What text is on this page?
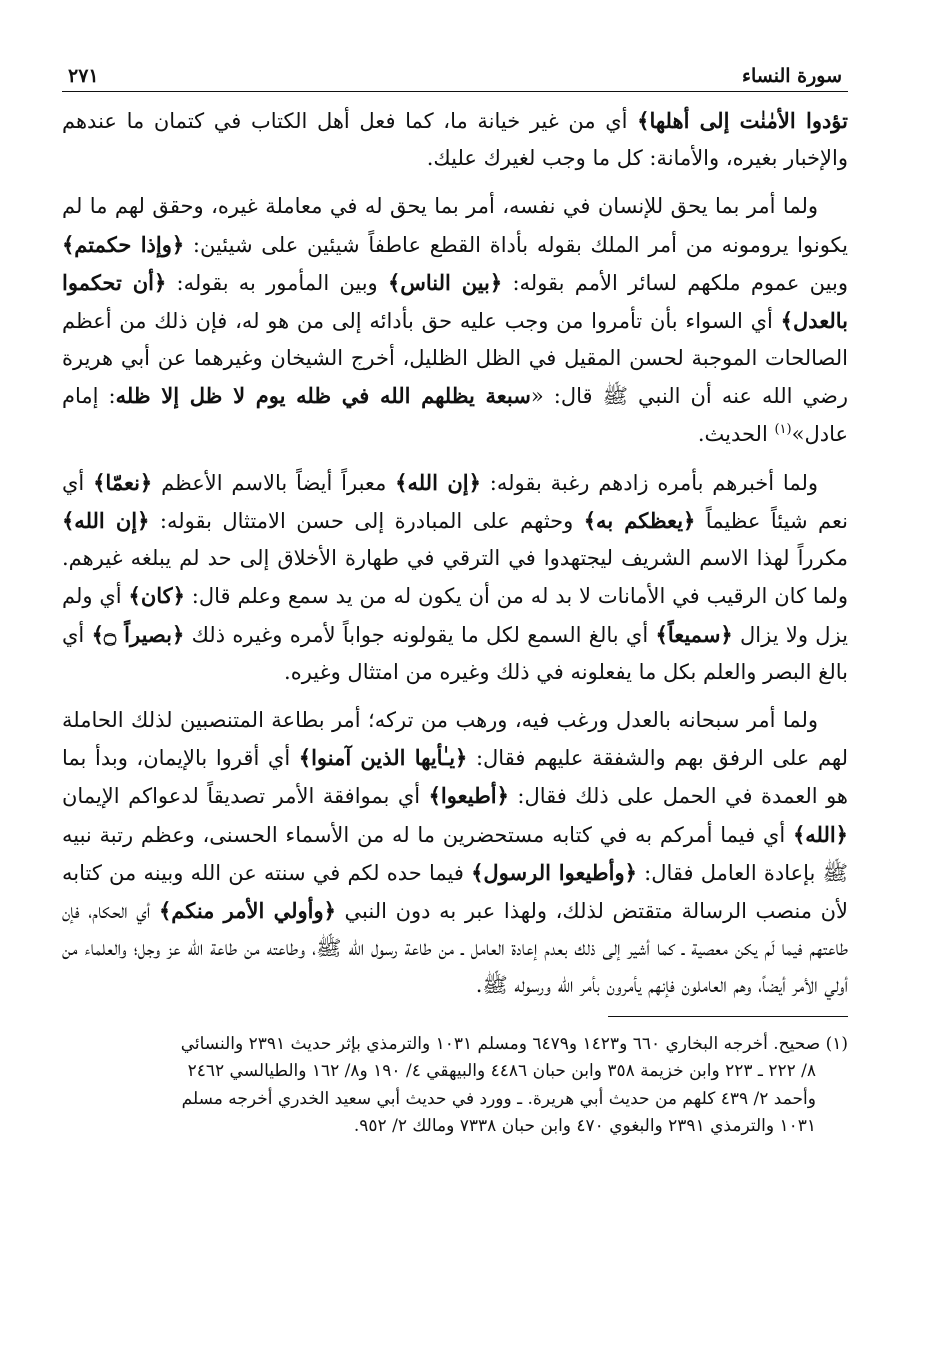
سورة النساء
٢٧١

تؤدوا الأمٰنٰت إلى أهلها﴾ أي من غير خيانة ما، كما فعل أهل الكتاب في كتمان ما عندهم والإخبار بغيره، والأمانة: كل ما وجب لغيرك عليك.

ولما أمر بما يحق للإنسان في نفسه، أمر بما يحق له في معاملة غيره، وحقق لهم ما لم يكونوا يرومونه من أمر الملك بقوله بأداة القطع عاطفاً شيئين على شيئين: ﴿وإذا حكمتم﴾ وبين عموم ملكهم لسائر الأمم بقوله: ﴿بين الناس﴾ وبين المأمور به بقوله: ﴿أن تحكموا بالعدل﴾ أي السواء بأن تأمروا من وجب عليه حق بأدائه إلى من هو له، فإن ذلك من أعظم الصالحات الموجبة لحسن المقيل في الظل الظليل، أخرج الشيخان وغيرهما عن أبي هريرة رضي الله عنه أن النبي ﷺ قال: «سبعة يظلهم الله في ظله يوم لا ظل إلا ظله: إمام عادل»$^{(١)}$ الحديث.

ولما أخبرهم بأمره زادهم رغبة بقوله: ﴿إن الله﴾ معبراً أيضاً بالاسم الأعظم ﴿نعمّا﴾ أي نعم شيئاً عظيماً ﴿يعظكم به﴾ وحثهم على المبادرة إلى حسن الامتثال بقوله: ﴿إن الله﴾ مكرراً لهذا الاسم الشريف ليجتهدوا في الترقي في طهارة الأخلاق إلى حد لم يبلغه غيرهم. ولما كان الرقيب في الأمانات لا بد له من أن يكون له من يد سمع وعلم قال: ﴿كان﴾ أي ولم يزل ولا يزال ﴿سميعاً﴾ أي بالغ السمع لكل ما يقولونه جواباً لأمره وغيره ذلك ﴿بصيراً ۝﴾ أي بالغ البصر والعلم بكل ما يفعلونه في ذلك وغيره من امتثال وغيره.

ولما أمر سبحانه بالعدل ورغب فيه، ورهب من تركه؛ أمر بطاعة المتنصبين لذلك الحاملة لهم على الرفق بهم والشفقة عليهم فقال: ﴿يـٰأيها الذين آمنوا﴾ أي أقروا بالإيمان، وبدأ بما هو العمدة في الحمل على ذلك فقال: ﴿أطيعوا﴾ أي بموافقة الأمر تصديقاً لدعواكم الإيمان ﴿الله﴾ أي فيما أمركم به في كتابه مستحضرين ما له من الأسماء الحسنى، وعظم رتبة نبيه ﷺ بإعادة العامل فقال: ﴿وأطيعوا الرسول﴾ فيما حده لكم في سنته عن الله وبينه من كتابه لأن منصب الرسالة متقتض لذلك، ولهذا عبر به دون النبي ﴿وأولي الأمر منكم﴾ أي الحكام، فإن طاعتهم فيما لَم يكن معصية ـ كما أشير إلى ذلك بعدم إعادة العامل ـ من طاعة رسول الله ﷺ، وطاعته من طاعة الله عز وجل؛ والعلماء من أولي الأمر أيضاً، وهم العاملون فإنهم يأمرون بأمر الله ورسوله ﷺ.

(١) صحيح. أخرجه البخاري ٦٦٠ و١٤٢٣ و٦٤٧٩ ومسلم ١٠٣١ والترمذي بإثر حديث ٢٣٩١ والنسائي
٨/ ٢٢٢ ـ ٢٢٣ وابن خزيمة ٣٥٨ وابن حبان ٤٤٨٦ والبيهقي ٤/ ١٩٠ و٨/ ١٦٢ والطيالسي ٢٤٦٢
وأحمد ٢/ ٤٣٩ كلهم من حديث أبي هريرة. ـ وورد في حديث أبي سعيد الخدري أخرجه مسلم
١٠٣١ والترمذي ٢٣٩١ والبغوي ٤٧٠ وابن حبان ٧٣٣٨ ومالك ٢/ ٩٥٢.
